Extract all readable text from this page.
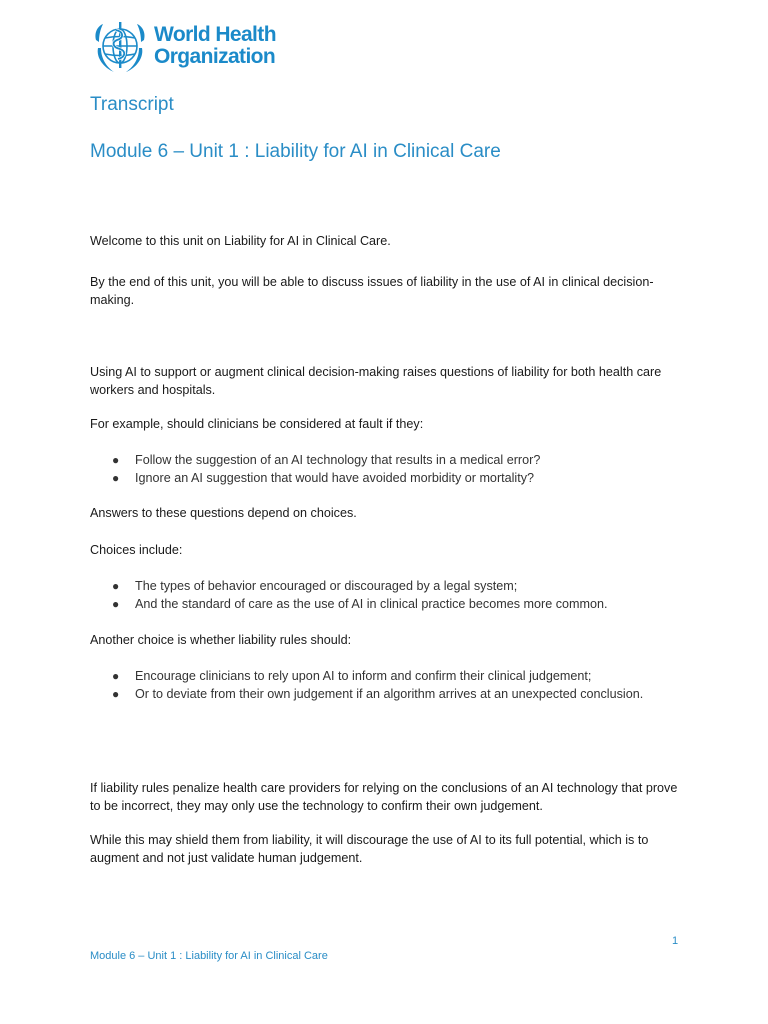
World Health
Organization
Transcript
Module 6 – Unit 1 : Liability for AI in Clinical Care

Welcome to this unit on Liability for AI in Clinical Care.

By the end of this unit, you will be able to discuss issues of liability in the use of AI in clinical decision-making.

Using AI to support or augment clinical decision-making raises questions of liability for both health care workers and hospitals.

For example, should clinicians be considered at fault if they:

● Follow the suggestion of an AI technology that results in a medical error?
● Ignore an AI suggestion that would have avoided morbidity or mortality?

Answers to these questions depend on choices.

Choices include:

● The types of behavior encouraged or discouraged by a legal system;
● And the standard of care as the use of AI in clinical practice becomes more common.

Another choice is whether liability rules should:

● Encourage clinicians to rely upon AI to inform and confirm their clinical judgement;
● Or to deviate from their own judgement if an algorithm arrives at an unexpected conclusion.

If liability rules penalize health care providers for relying on the conclusions of an AI technology that prove to be incorrect, they may only use the technology to confirm their own judgement.

While this may shield them from liability, it will discourage the use of AI to its full potential, which is to augment and not just validate human judgement.

1
Module 6 – Unit 1 : Liability for AI in Clinical Care
